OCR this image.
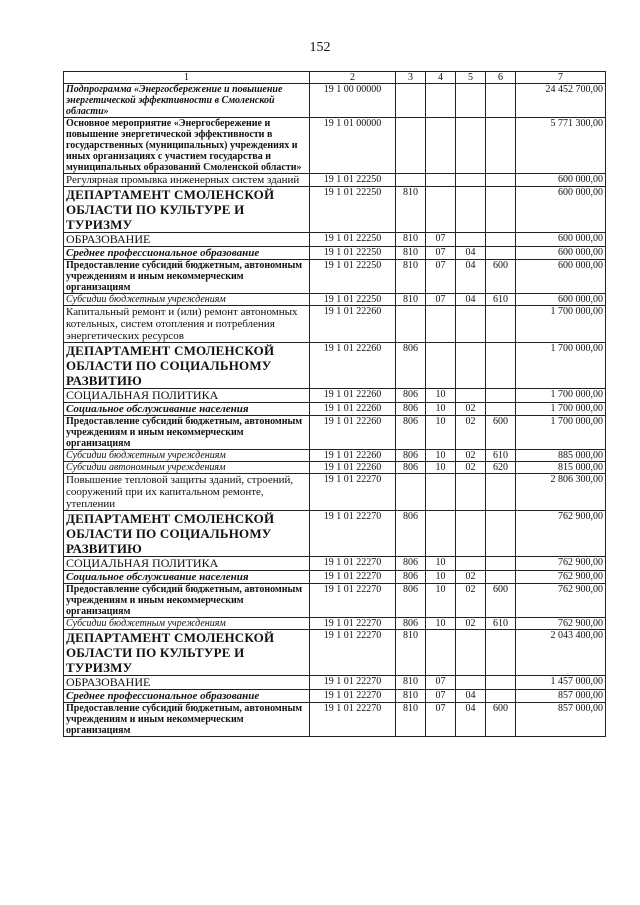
152
1	2	3	4	5	6	7
Подпрограмма «Энергосбережение и повышение энергетической эффективности в Смоленской области»	19 1 00 00000					24 452 700,00
Основное мероприятие «Энергосбережение и повышение энергетической эффективности в государственных (муниципальных) учреждениях и иных организациях с участием государства и муниципальных образований Смоленской области»	19 1 01 00000					5 771 300,00
Регулярная промывка инженерных систем зданий	19 1 01 22250					600 000,00
ДЕПАРТАМЕНТ СМОЛЕНСКОЙ ОБЛАСТИ ПО КУЛЬТУРЕ И ТУРИЗМУ	19 1 01 22250	810				600 000,00
ОБРАЗОВАНИЕ	19 1 01 22250	810	07			600 000,00
Среднее профессиональное образование	19 1 01 22250	810	07	04		600 000,00
Предоставление субсидий бюджетным, автономным учреждениям и иным некоммерческим организациям	19 1 01 22250	810	07	04	600	600 000,00
Субсидии бюджетным учреждениям	19 1 01 22250	810	07	04	610	600 000,00
Капитальный ремонт и (или) ремонт автономных котельных, систем отопления и потребления энергетических ресурсов	19 1 01 22260					1 700 000,00
ДЕПАРТАМЕНТ СМОЛЕНСКОЙ ОБЛАСТИ ПО СОЦИАЛЬНОМУ РАЗВИТИЮ	19 1 01 22260	806				1 700 000,00
СОЦИАЛЬНАЯ ПОЛИТИКА	19 1 01 22260	806	10			1 700 000,00
Социальное обслуживание населения	19 1 01 22260	806	10	02		1 700 000,00
Предоставление субсидий бюджетным, автономным учреждениям и иным некоммерческим организациям	19 1 01 22260	806	10	02	600	1 700 000,00
Субсидии бюджетным учреждениям	19 1 01 22260	806	10	02	610	885 000,00
Субсидии автономным учреждениям	19 1 01 22260	806	10	02	620	815 000,00
Повышение тепловой защиты зданий, строений, сооружений при их капитальном ремонте, утеплении	19 1 01 22270					2 806 300,00
ДЕПАРТАМЕНТ СМОЛЕНСКОЙ ОБЛАСТИ ПО СОЦИАЛЬНОМУ РАЗВИТИЮ	19 1 01 22270	806				762 900,00
СОЦИАЛЬНАЯ ПОЛИТИКА	19 1 01 22270	806	10			762 900,00
Социальное обслуживание населения	19 1 01 22270	806	10	02		762 900,00
Предоставление субсидий бюджетным, автономным учреждениям и иным некоммерческим организациям	19 1 01 22270	806	10	02	600	762 900,00
Субсидии бюджетным учреждениям	19 1 01 22270	806	10	02	610	762 900,00
ДЕПАРТАМЕНТ СМОЛЕНСКОЙ ОБЛАСТИ ПО КУЛЬТУРЕ И ТУРИЗМУ	19 1 01 22270	810				2 043 400,00
ОБРАЗОВАНИЕ	19 1 01 22270	810	07			1 457 000,00
Среднее профессиональное образование	19 1 01 22270	810	07	04		857 000,00
Предоставление субсидий бюджетным, автономным учреждениям и иным некоммерческим организациям	19 1 01 22270	810	07	04	600	857 000,00
